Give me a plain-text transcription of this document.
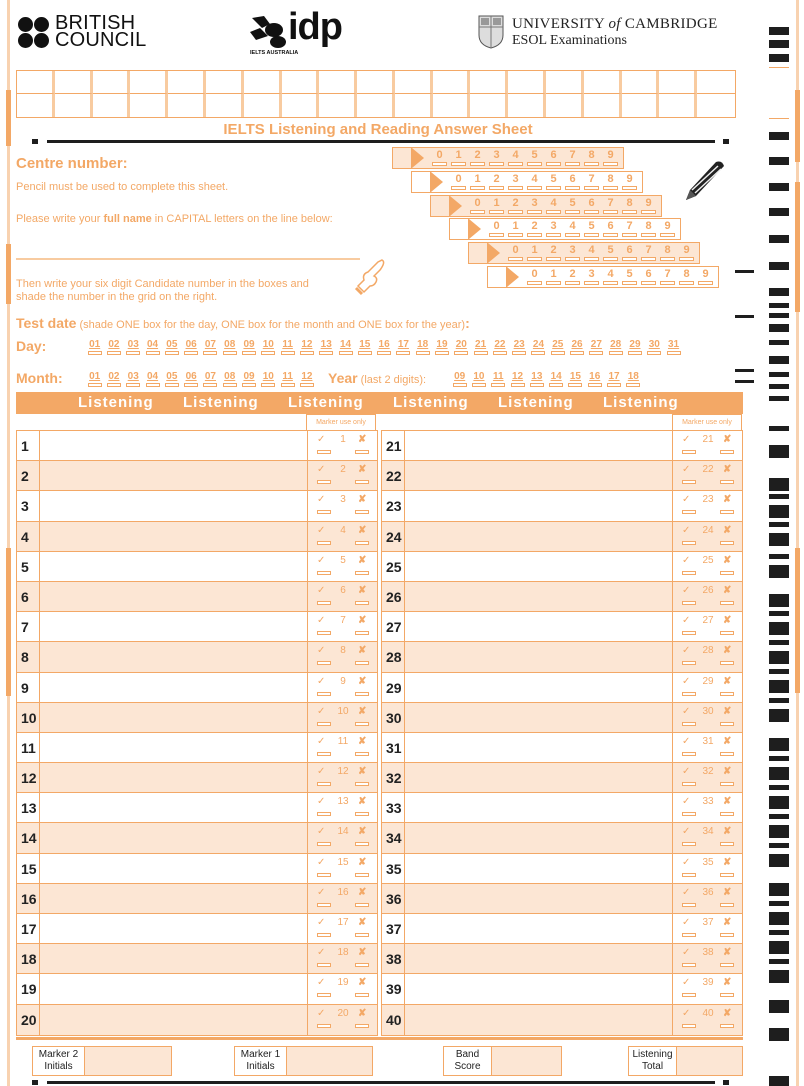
BRITISH
COUNCIL	idp
IELTS AUSTRALIA
UNIVERSITY of CAMBRIDGE
ESOL Examinations
IELTS Listening and Reading Answer Sheet
Centre number:
Pencil must be used to complete this sheet.
Please write your full name in CAPITAL letters on the line below:
Then write your six digit Candidate number in the boxes and
shade the number in the grid on the right.
0	1	2	3	4	5	6	7	8	9
0	1	2	3	4	5	6	7	8	9
0	1	2	3	4	5	6	7	8	9
0	1	2	3	4	5	6	7	8	9
0	1	2	3	4	5	6	7	8	9
0	1	2	3	4	5	6	7	8	9
Test date (shade ONE box for the day, ONE box for the month and ONE box for the year):
Day:	01 02 03 04 05 06 07 08 09 10 11 12 13 14 15 16 17 18 19 20 21 22 23 24 25 26 27 28 29 30 31
Month:	01 02 03 04 05 06 07 08 09 10 11 12 Year (last 2 digits):	09 10 11 12 13 14 15 16 17 18
Listening Listening Listening Listening Listening Listening
Marker use only	Marker use only
1	✓	1	✘
2	✓	2	✘
3	✓	3	✘
4	✓	4	✘
5	✓	5	✘
6	✓	6	✘
7	✓	7	✘
8	✓	8	✘
9	✓	9	✘
10	✓	10 ✘
11	✓	11 ✘
12	✓	12 ✘
13	✓	13 ✘
14	✓	14 ✘
15	✓	15 ✘
16	✓	16 ✘
17	✓	17 ✘
18	✓	18 ✘
19	✓	19 ✘
20	✓	20 ✘
21	✓	21 ✘
22	✓	22 ✘
23	✓	23 ✘
24	✓	24 ✘
25	✓	25 ✘
26	✓	26 ✘
27	✓	27 ✘
28	✓	28 ✘
29	✓	29 ✘
30	✓	30 ✘
31	✓	31 ✘
32	✓	32 ✘
33	✓	33 ✘
34	✓	34 ✘
35	✓	35 ✘
36	✓	36 ✘
37	✓	37 ✘
38	✓	38 ✘
39	✓	39 ✘
40	✓	40 ✘
Marker 2
Initials
Marker 1
Initials
Band
Score
Listening
Total
